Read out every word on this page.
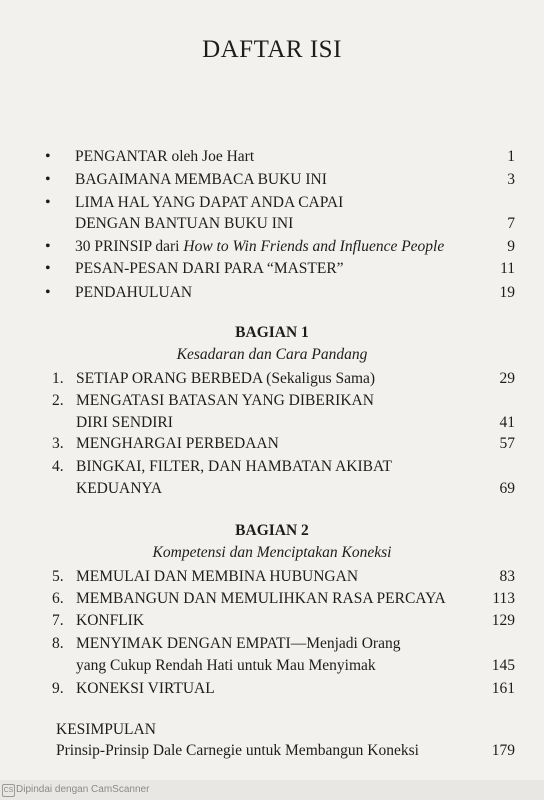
DAFTAR ISI
• PENGANTAR oleh Joe Hart	1
• BAGAIMANA MEMBACA BUKU INI	3
• LIMA HAL YANG DAPAT ANDA CAPAI
DENGAN BANTUAN BUKU INI	7
• 30 PRINSIP dari How to Win Friends and Influence People	9
• PESAN-PESAN DARI PARA “MASTER”	11
• PENDAHULUAN	19
BAGIAN 1
Kesadaran dan Cara Pandang
1. SETIAP ORANG BERBEDA (Sekaligus Sama)	29
2. MENGATASI BATASAN YANG DIBERIKAN
DIRI SENDIRI	41
3. MENGHARGAI PERBEDAAN	57
4. BINGKAI, FILTER, DAN HAMBATAN AKIBAT
KEDUANYA	69
BAGIAN 2
Kompetensi dan Menciptakan Koneksi
5. MEMULAI DAN MEMBINA HUBUNGAN	83
6. MEMBANGUN DAN MEMULIHKAN RASA PERCAYA	113
7. KONFLIK	129
8. MENYIMAK DENGAN EMPATI—Menjadi Orang
yang Cukup Rendah Hati untuk Mau Menyimak	145
9. KONEKSI VIRTUAL	161
KESIMPULAN
Prinsip-Prinsip Dale Carnegie untuk Membangun Koneksi	179
CS Dipindai dengan CamScanner
